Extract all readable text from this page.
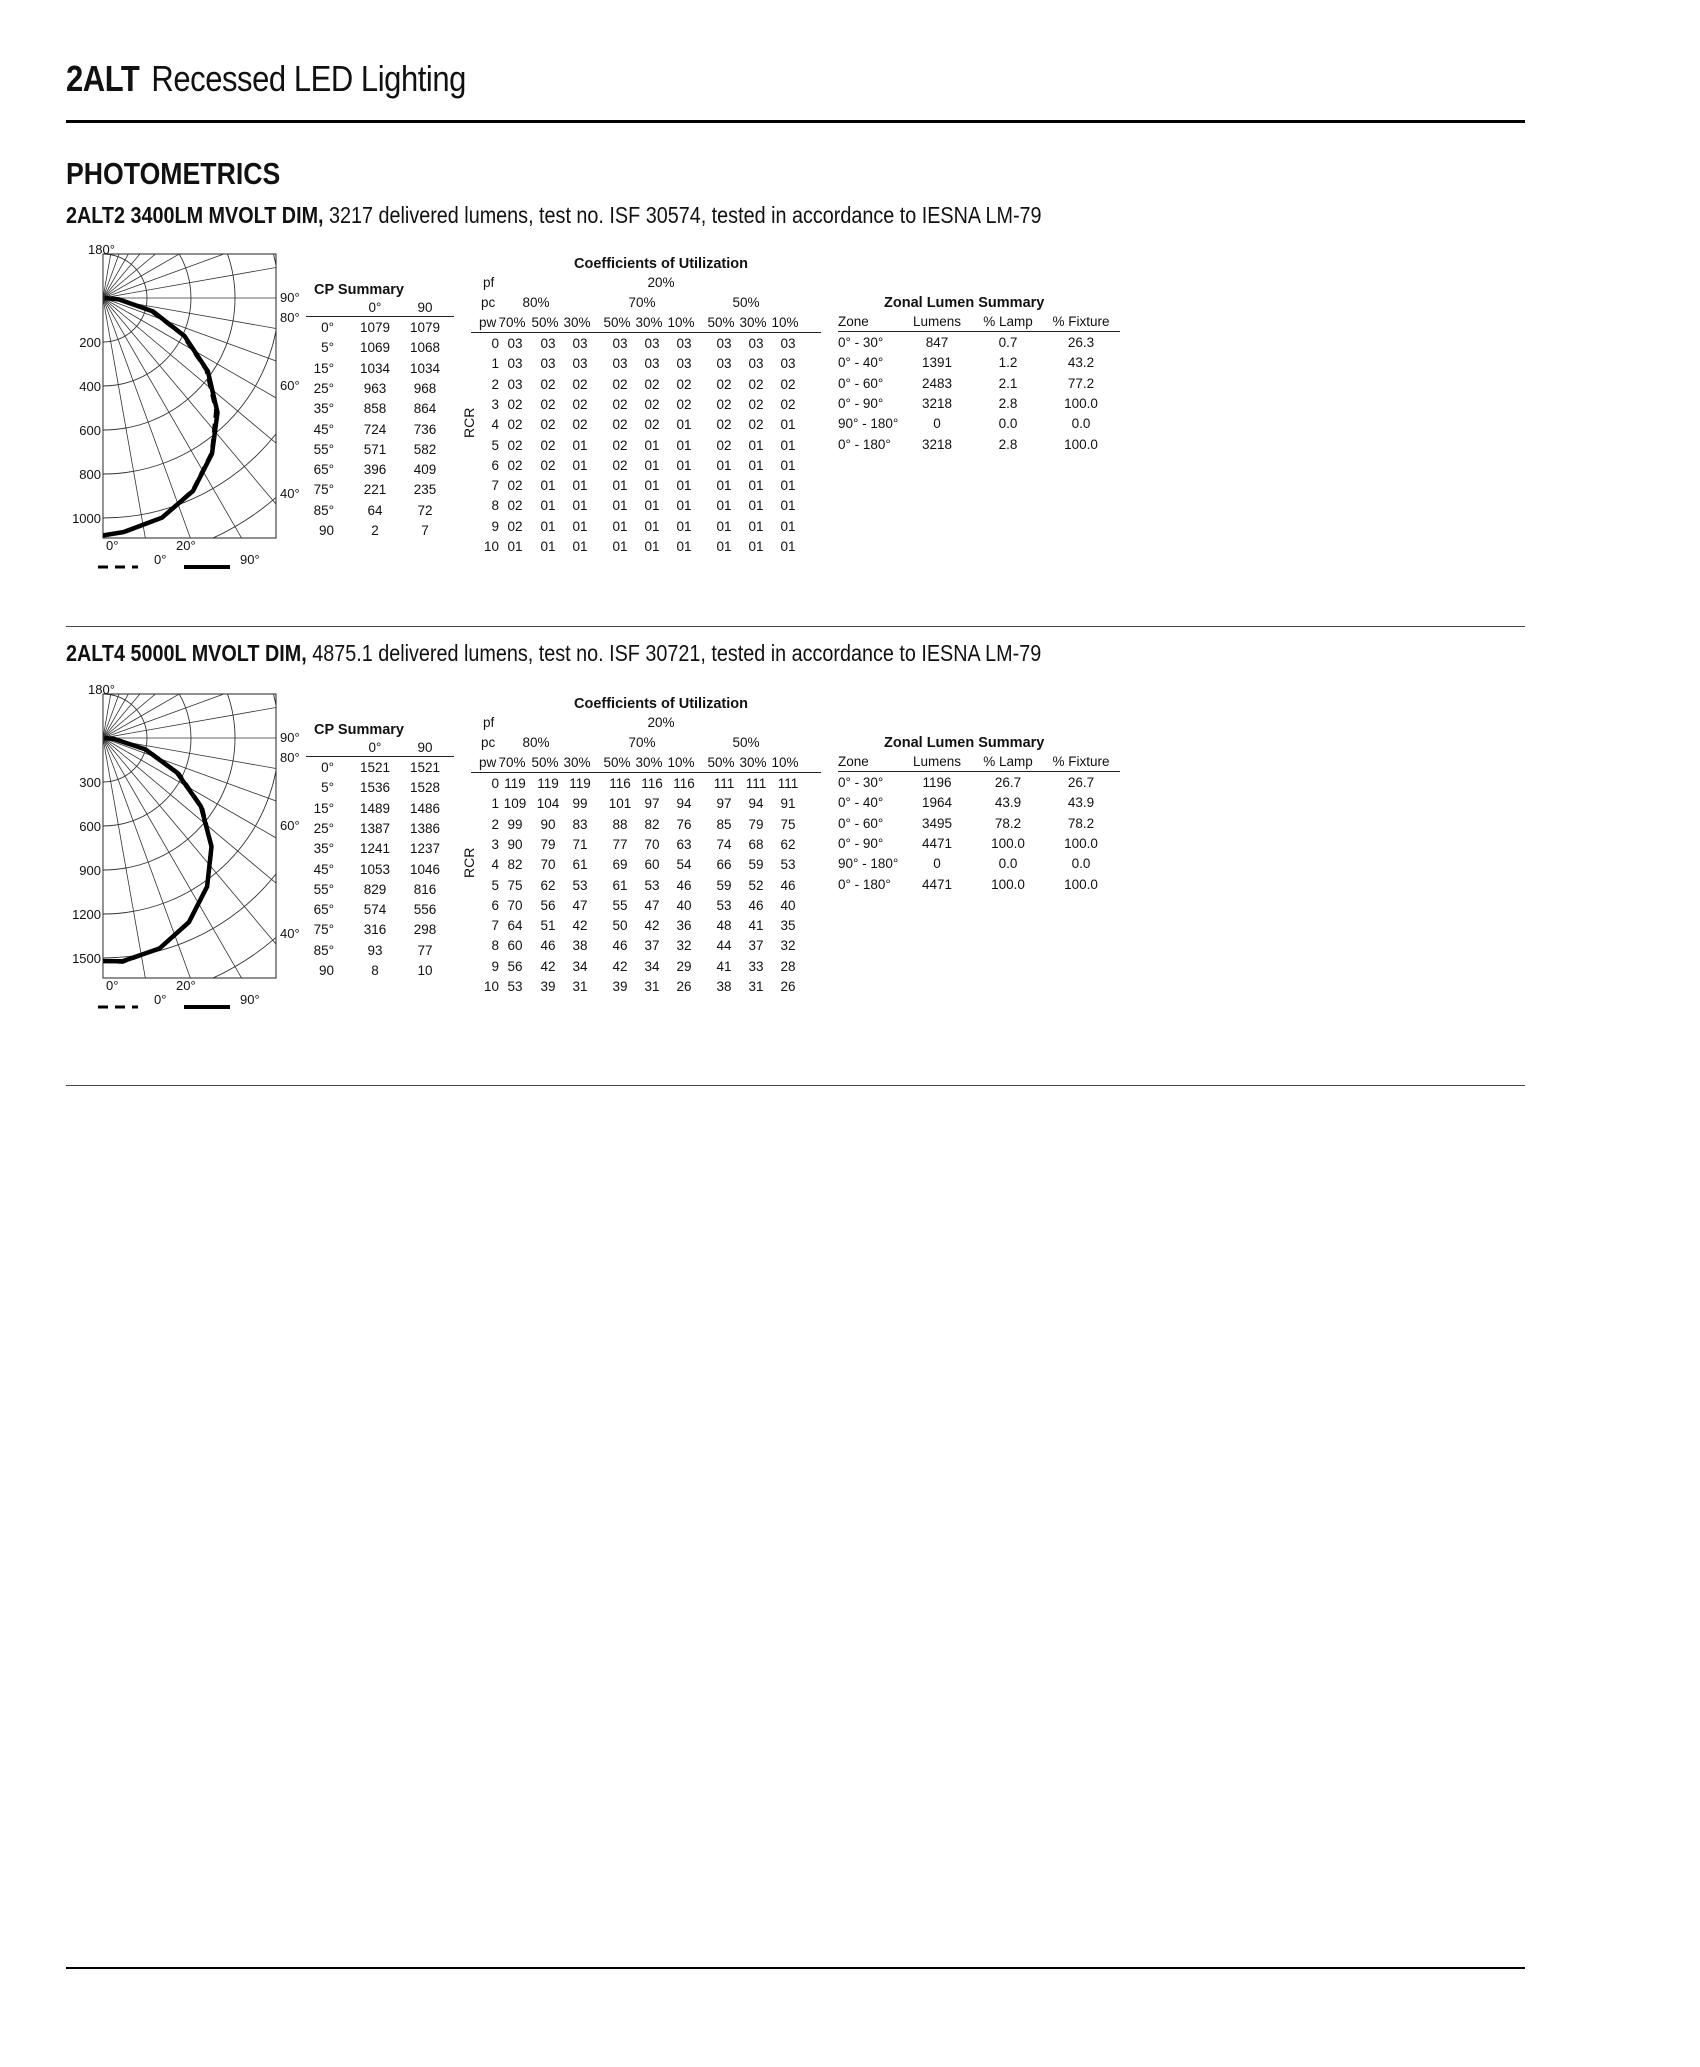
2ALT Recessed LED Lighting
PHOTOMETRICS
2ALT2 3400LM MVOLT DIM, 3217 delivered lumens, test no. ISF 30574, tested in accordance to IESNA LM-79
180°
200
400
600
800
1000
90°
80°
60°
40°
0°	20°
0°	90°
CP Summary
0°	90
0°	1079	1079
5°	1069	1068
15°	1034	1034
25°	963	968
35°	858	864
45°	724	736
55°	571	582
65°	396	409
75°	221	235
85°	64	72
90	2	7
Coefficients of Utilization
pf	20%
pc	80%	70%	50%
pw 70% 50% 30% 50% 30% 10% 50% 30% 10%
RCR
0 03	03	03	03	03	03	03	03	03
1 03	03	03	03	03	03	03	03	03
2 03	02	02	02	02	02	02	02	02
3 02	02	02	02	02	02	02	02	02
4 02	02	02	02	02	01	02	02	01
5 02	02	01	02	01	01	02	01	01
6 02	02	01	02	01	01	01	01	01
7 02	01	01	01	01	01	01	01	01
8 02	01	01	01	01	01	01	01	01
9 02	01	01	01	01	01	01	01	01
10 01	01	01	01	01	01	01	01	01
Zonal Lumen Summary
Zone	Lumens	% Lamp	% Fixture
0° - 30°	847	0.7	26.3
0° - 40°	1391	1.2	43.2
0° - 60°	2483	2.1	77.2
0° - 90°	3218	2.8	100.0
90° - 180°	0	0.0	0.0
0° - 180°	3218	2.8	100.0
2ALT4 5000L MVOLT DIM, 4875.1 delivered lumens, test no. ISF 30721, tested in accordance to IESNA LM-79
180°
300
600
900
1200
1500
90°
80°
60°
40°
0°	20°
0°	90°
CP Summary
0°	90
0°	1521	1521
5°	1536	1528
15°	1489	1486
25°	1387	1386
35°	1241	1237
45°	1053	1046
55°	829	816
65°	574	556
75°	316	298
85°	93	77
90	8	10
Coefficients of Utilization
pf	20%
pc	80%	70%	50%
pw 70% 50% 30% 50% 30% 10% 50% 30% 10%
RCR
0 119 119 119	116 116 116	111 111 111
1 109 104 99	101 97	94	97	94	91
2 99	90	83	88	82	76	85	79	75
3 90	79	71	77	70	63	74	68	62
4 82	70	61	69	60	54	66	59	53
5 75	62	53	61	53	46	59	52	46
6 70	56	47	55	47	40	53	46	40
7 64	51	42	50	42	36	48	41	35
8 60	46	38	46	37	32	44	37	32
9 56	42	34	42	34	29	41	33	28
10 53	39	31	39	31	26	38	31	26
Zonal Lumen Summary
Zone	Lumens	% Lamp	% Fixture
0° - 30°	1196	26.7	26.7
0° - 40°	1964	43.9	43.9
0° - 60°	3495	78.2	78.2
0° - 90°	4471	100.0	100.0
90° - 180°	0	0.0	0.0
0° - 180°	4471	100.0	100.0
